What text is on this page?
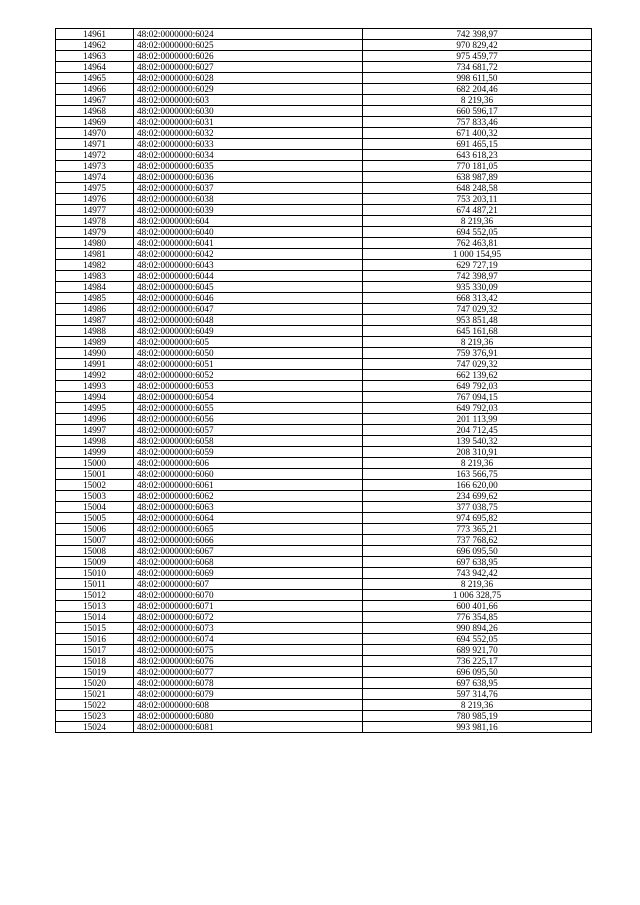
14961	48:02:0000000:6024	742 398,97
14962	48:02:0000000:6025	970 829,42
14963	48:02:0000000:6026	975 459,77
14964	48:02:0000000:6027	734 681,72
14965	48:02:0000000:6028	998 611,50
14966	48:02:0000000:6029	682 204,46
14967	48:02:0000000:603	8 219,36
14968	48:02:0000000:6030	660 596,17
14969	48:02:0000000:6031	757 833,46
14970	48:02:0000000:6032	671 400,32
14971	48:02:0000000:6033	691 465,15
14972	48:02:0000000:6034	643 618,23
14973	48:02:0000000:6035	770 181,05
14974	48:02:0000000:6036	638 987,89
14975	48:02:0000000:6037	648 248,58
14976	48:02:0000000:6038	753 203,11
14977	48:02:0000000:6039	674 487,21
14978	48:02:0000000:604	8 219,36
14979	48:02:0000000:6040	694 552,05
14980	48:02:0000000:6041	762 463,81
14981	48:02:0000000:6042	1 000 154,95
14982	48:02:0000000:6043	629 727,19
14983	48:02:0000000:6044	742 398,97
14984	48:02:0000000:6045	935 330,09
14985	48:02:0000000:6046	668 313,42
14986	48:02:0000000:6047	747 029,32
14987	48:02:0000000:6048	953 851,48
14988	48:02:0000000:6049	645 161,68
14989	48:02:0000000:605	8 219,36
14990	48:02:0000000:6050	759 376,91
14991	48:02:0000000:6051	747 029,32
14992	48:02:0000000:6052	662 139,62
14993	48:02:0000000:6053	649 792,03
14994	48:02:0000000:6054	767 094,15
14995	48:02:0000000:6055	649 792,03
14996	48:02:0000000:6056	201 113,99
14997	48:02:0000000:6057	204 712,45
14998	48:02:0000000:6058	139 540,32
14999	48:02:0000000:6059	208 310,91
15000	48:02:0000000:606	8 219,36
15001	48:02:0000000:6060	163 566,75
15002	48:02:0000000:6061	166 620,00
15003	48:02:0000000:6062	234 699,62
15004	48:02:0000000:6063	377 038,75
15005	48:02:0000000:6064	974 695,82
15006	48:02:0000000:6065	773 365,21
15007	48:02:0000000:6066	737 768,62
15008	48:02:0000000:6067	696 095,50
15009	48:02:0000000:6068	697 638,95
15010	48:02:0000000:6069	743 942,42
15011	48:02:0000000:607	8 219,36
15012	48:02:0000000:6070	1 006 328,75
15013	48:02:0000000:6071	600 401,66
15014	48:02:0000000:6072	776 354,85
15015	48:02:0000000:6073	990 894,26
15016	48:02:0000000:6074	694 552,05
15017	48:02:0000000:6075	689 921,70
15018	48:02:0000000:6076	736 225,17
15019	48:02:0000000:6077	696 095,50
15020	48:02:0000000:6078	697 638,95
15021	48:02:0000000:6079	597 314,76
15022	48:02:0000000:608	8 219,36
15023	48:02:0000000:6080	780 985,19
15024	48:02:0000000:6081	993 981,16
